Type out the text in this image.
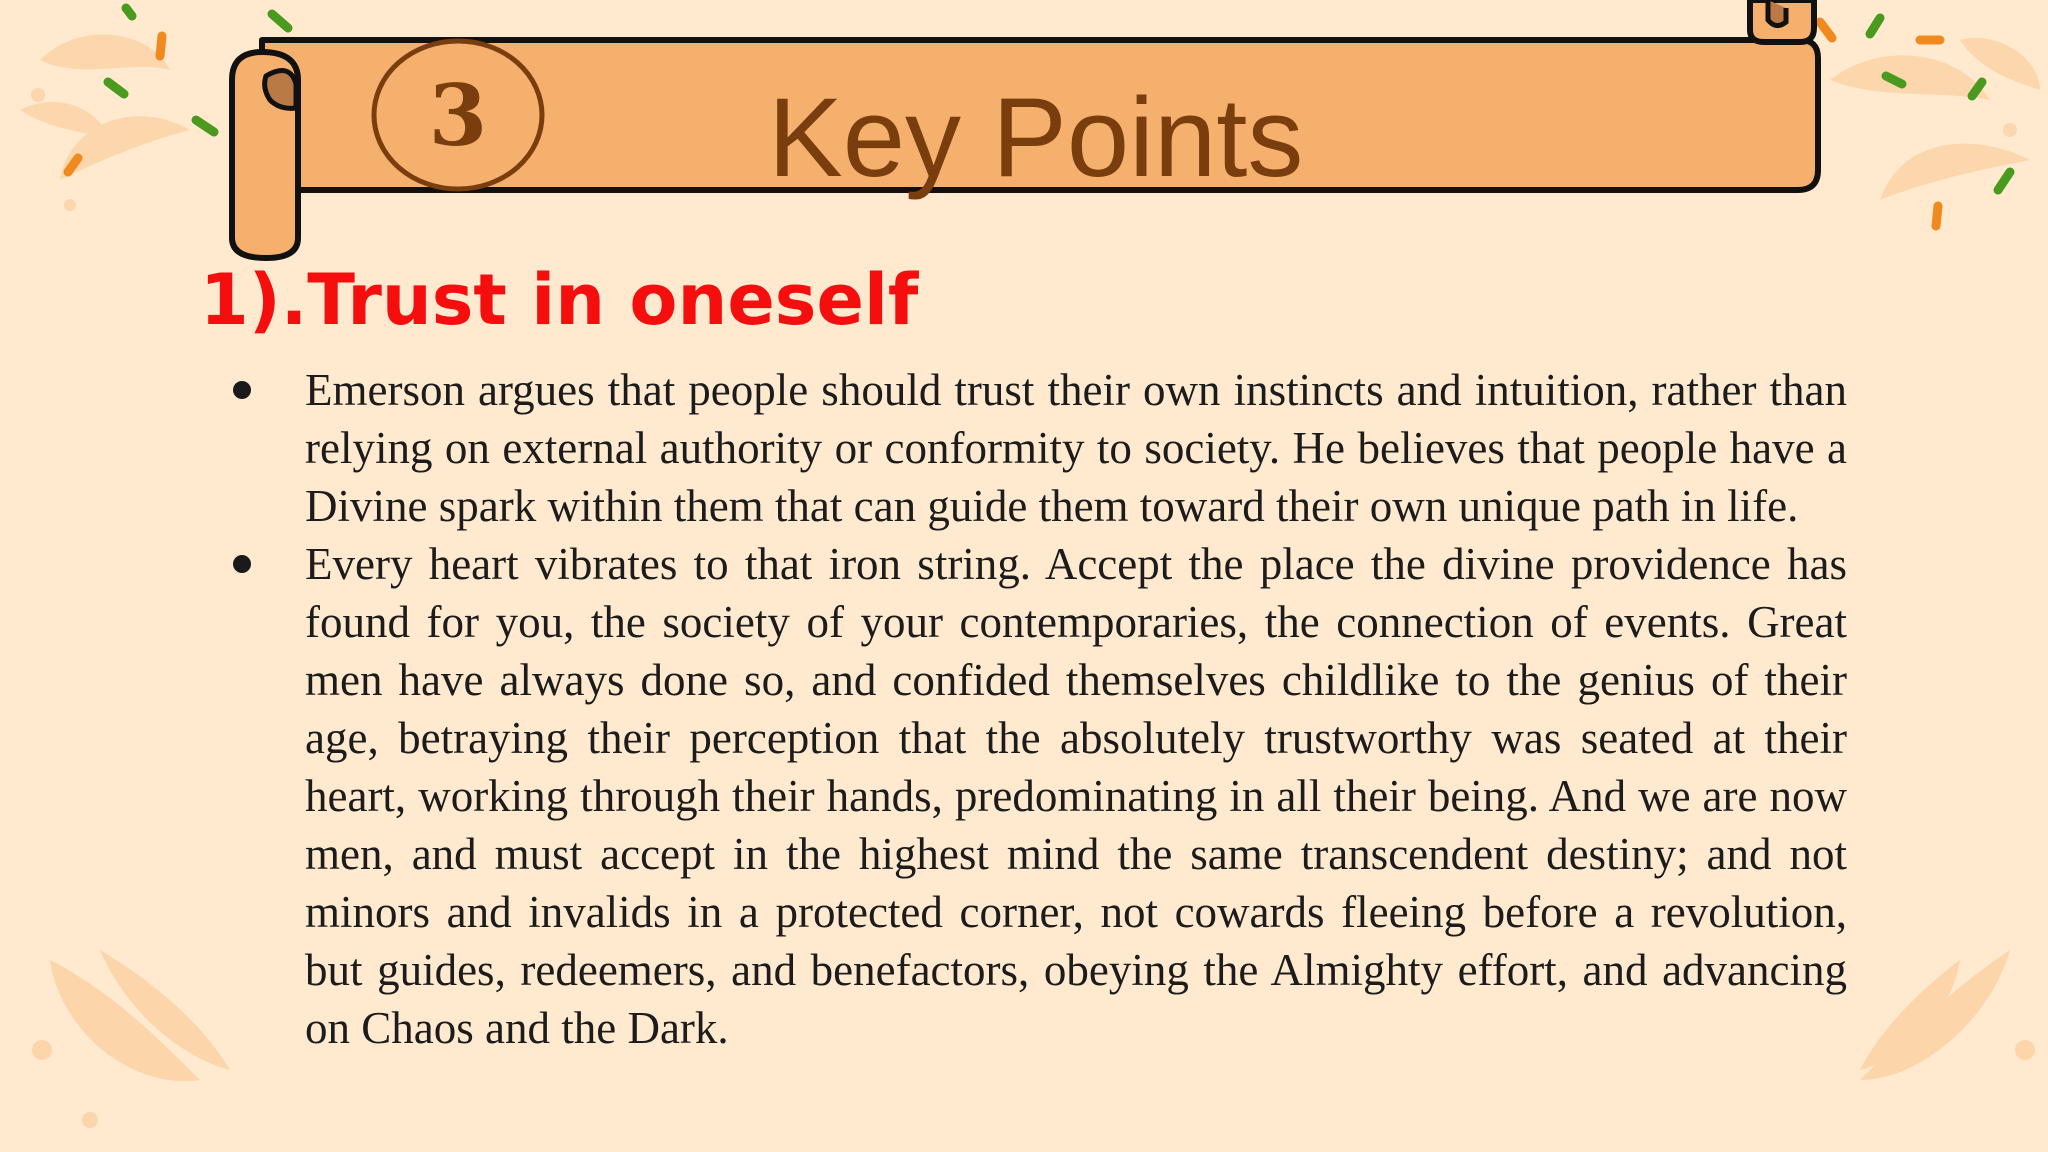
3	Key Points
1).Trust in oneself
Emerson argues that people should trust their own instincts and intuition, rather than relying on external authority or conformity to society. He believes that people have a Divine spark within them that can guide them toward their own unique path in life.
Every heart vibrates to that iron string. Accept the place the divine providence has found for you, the society of your contemporaries, the connection of events. Great men have always done so, and confided themselves childlike to the genius of their age, betraying their perception that the absolutely trustworthy was seated at their heart, working through their hands, predominating in all their being. And we are now men, and must accept in the highest mind the same transcendent destiny; and not minors and invalids in a protected corner, not cowards fleeing before a revolution, but guides, redeemers, and benefactors, obeying the Almighty effort, and advancing on Chaos and the Dark.
